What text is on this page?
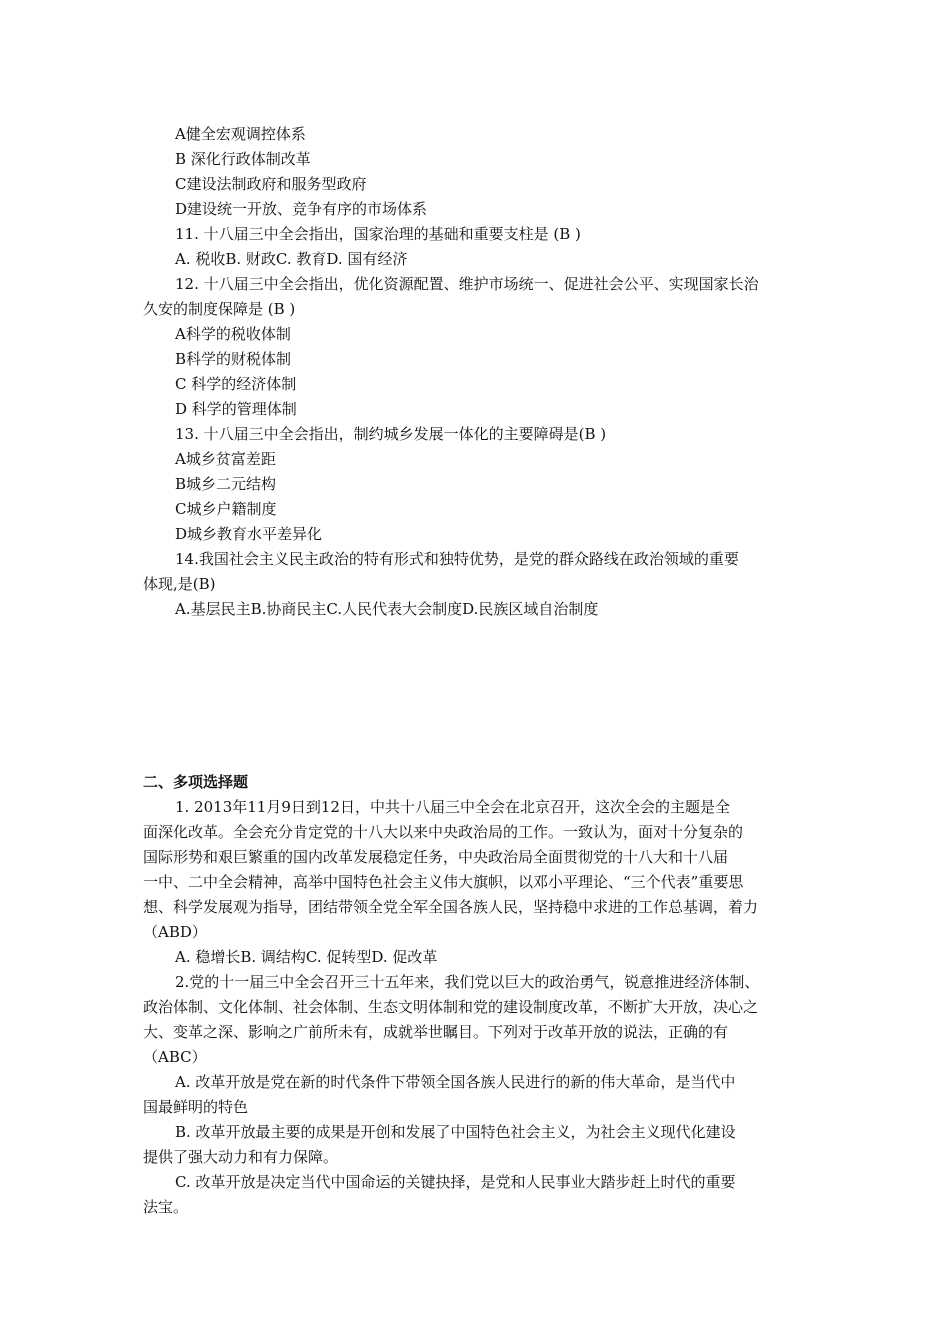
A健全宏观调控体系
B 深化行政体制改革
C建设法制政府和服务型政府
D建设统一开放、竞争有序的市场体系
11. 十八届三中全会指出，国家治理的基础和重要支柱是 (B )
A. 税收B. 财政C. 教育D. 国有经济
12. 十八届三中全会指出，优化资源配置、维护市场统一、促进社会公平、实现国家长治
久安的制度保障是 (B )
A科学的税收体制
B科学的财税体制
C 科学的经济体制
D 科学的管理体制
13. 十八届三中全会指出，制约城乡发展一体化的主要障碍是(B )
A城乡贫富差距
B城乡二元结构
C城乡户籍制度
D城乡教育水平差异化
14.我国社会主义民主政治的特有形式和独特优势，是党的群众路线在政治领域的重要
体现,是(B)
A.基层民主B.协商民主C.人民代表大会制度D.民族区域自治制度
二、多项选择题
1. 2013年11月9日到12日，中共十八届三中全会在北京召开，这次全会的主题是全
面深化改革。全会充分肯定党的十八大以来中央政治局的工作。一致认为，面对十分复杂的
国际形势和艰巨繁重的国内改革发展稳定任务，中央政治局全面贯彻党的十八大和十八届
一中、二中全会精神，高举中国特色社会主义伟大旗帜，以邓小平理论、“三个代表”重要思
想、科学发展观为指导，团结带领全党全军全国各族人民，坚持稳中求进的工作总基调，着力
（ABD）
A. 稳增长B. 调结构C. 促转型D. 促改革
2.党的十一届三中全会召开三十五年来，我们党以巨大的政治勇气，锐意推进经济体制、
政治体制、文化体制、社会体制、生态文明体制和党的建设制度改革，不断扩大开放，决心之
大、变革之深、影响之广前所未有，成就举世瞩目。下列对于改革开放的说法，正确的有
（ABC）
A. 改革开放是党在新的时代条件下带领全国各族人民进行的新的伟大革命，是当代中
国最鲜明的特色
B. 改革开放最主要的成果是开创和发展了中国特色社会主义，为社会主义现代化建设
提供了强大动力和有力保障。
C. 改革开放是决定当代中国命运的关键抉择，是党和人民事业大踏步赶上时代的重要
法宝。
